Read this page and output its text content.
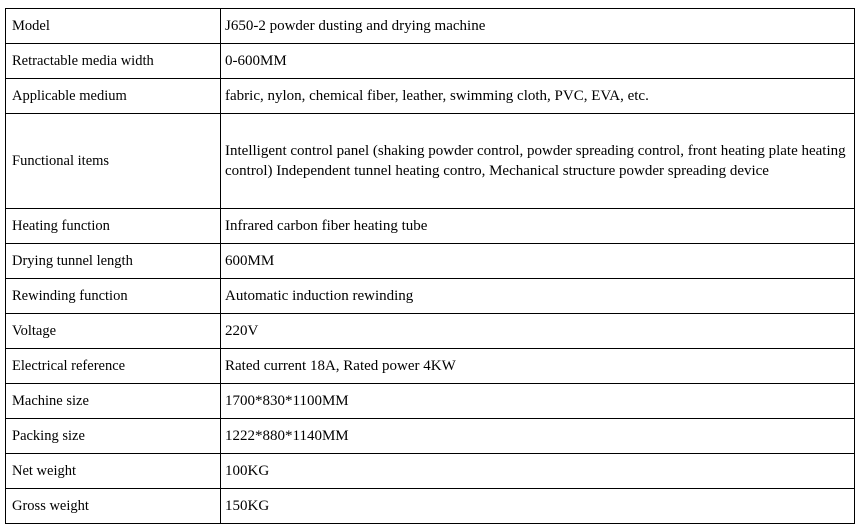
Model	J650-2 powder dusting and drying machine
Retractable media width	0-600MM
Applicable medium	fabric, nylon, chemical fiber, leather, swimming cloth, PVC, EVA, etc.
Functional items	Intelligent control panel (shaking powder control, powder spreading control, front heating plate heating control) Independent tunnel heating contro, Mechanical structure powder spreading device
Heating function	Infrared carbon fiber heating tube
Drying tunnel length	600MM
Rewinding function	Automatic induction rewinding
Voltage	220V
Electrical reference	Rated current 18A, Rated power 4KW
Machine size	1700*830*1100MM
Packing size	1222*880*1140MM
Net weight	100KG
Gross weight	150KG
